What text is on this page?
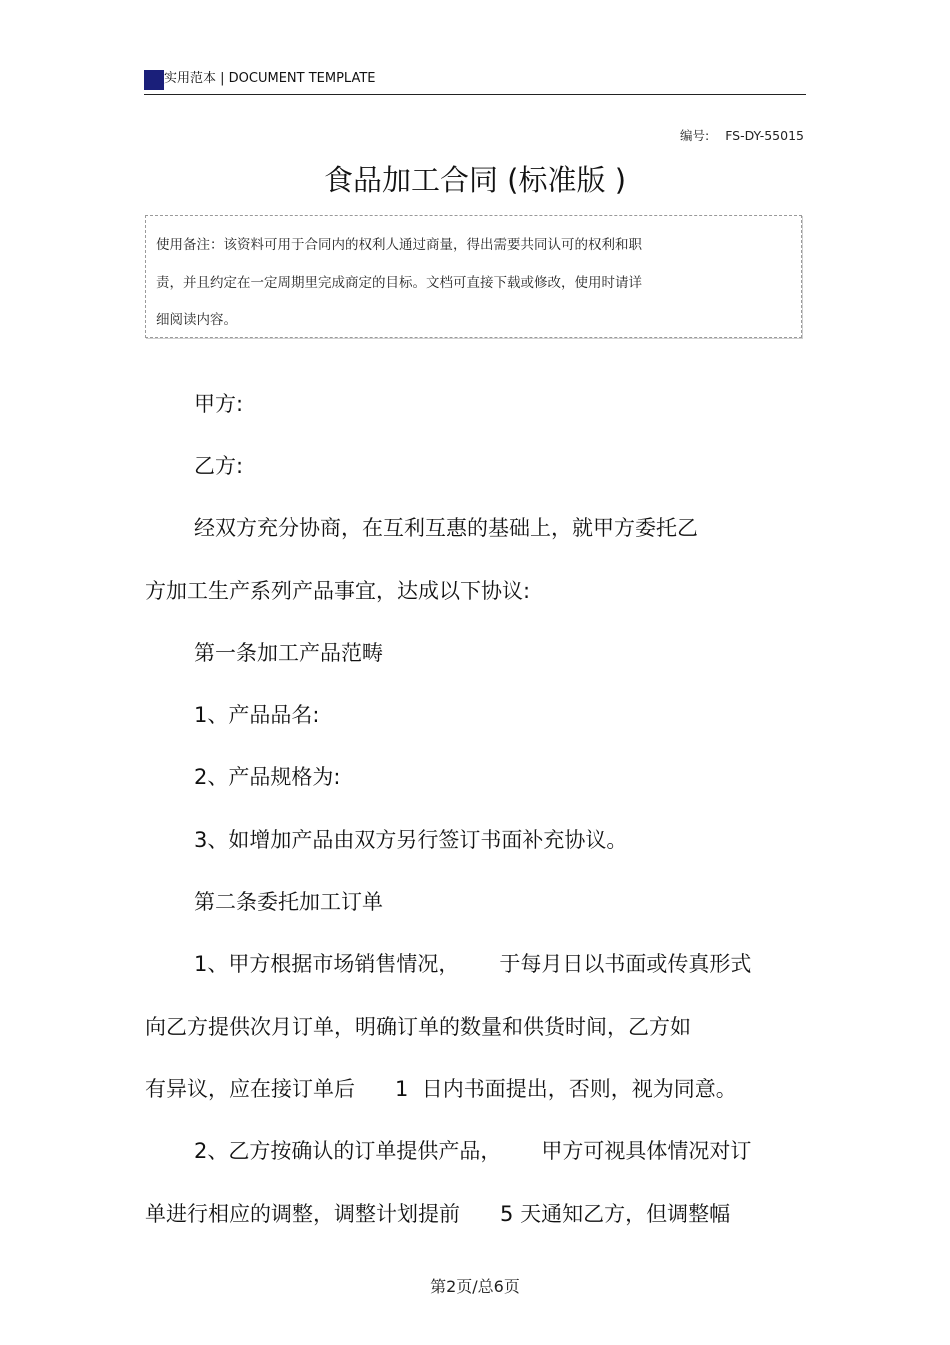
实用范本 | DOCUMENT TEMPLATE
编号: FS-DY-55015
食品加工合同 (标准版 )
使用备注：该资料可用于合同内的权利人通过商量，得出需要共同认可的权利和职
责，并且约定在一定周期里完成商定的目标。文档可直接下载或修改，使用时请详
细阅读内容。
甲方:
乙方:
经双方充分协商，在互利互惠的基础上，就甲方委托乙
方加工生产系列产品事宜，达成以下协议:
第一条加工产品范畴
1、产品品名:
2、产品规格为:
3、如增加产品由双方另行签订书面补充协议。
第二条委托加工订单
1、甲方根据市场销售情况，      于每月日以书面或传真形式
向乙方提供次月订单，明确订单的数量和供货时间，乙方如
有异议，应在接订单后      1  日内书面提出，否则，视为同意。
2、乙方按确认的订单提供产品，      甲方可视具体情况对订
单进行相应的调整，调整计划提前      5 天通知乙方，但调整幅
第2页/总6页
